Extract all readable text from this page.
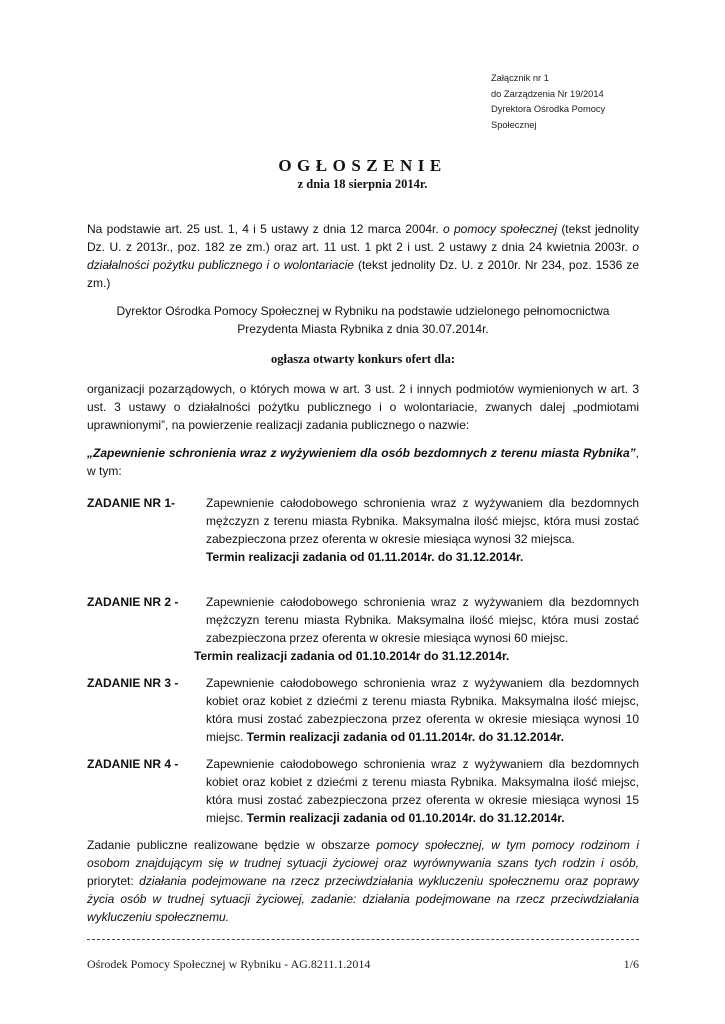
Załącznik nr 1
do Zarządzenia Nr 19/2014
Dyrektora Ośrodka Pomocy
Społecznej
OGŁOSZENIE
z dnia 18 sierpnia 2014r.
Na podstawie art. 25 ust. 1, 4 i 5 ustawy z dnia 12 marca 2004r. o pomocy społecznej (tekst jednolity Dz. U. z 2013r., poz. 182 ze zm.) oraz art. 11 ust. 1 pkt 2 i ust. 2 ustawy z dnia 24 kwietnia 2003r. o działalności pożytku publicznego i o wolontariacie (tekst jednolity Dz. U. z 2010r. Nr 234, poz. 1536 ze zm.)
Dyrektor Ośrodka Pomocy Społecznej w Rybniku na podstawie udzielonego pełnomocnictwa
Prezydenta Miasta Rybnika z dnia 30.07.2014r.
ogłasza otwarty konkurs ofert dla:
organizacji pozarządowych, o których mowa w art. 3 ust. 2 i innych podmiotów wymienionych w art. 3 ust. 3 ustawy o działalności pożytku publicznego i o wolontariacie, zwanych dalej „podmiotami uprawnionymi”, na powierzenie realizacji zadania publicznego o nazwie:
„Zapewnienie schronienia wraz z wyżywieniem dla osób bezdomnych z terenu miasta Rybnika”, w tym:
ZADANIE NR 1-	Zapewnienie całodobowego schronienia wraz z wyżywaniem dla bezdomnych mężczyzn z terenu miasta Rybnika. Maksymalna ilość miejsc, która musi zostać zabezpieczona przez oferenta w okresie miesiąca wynosi 32 miejsca.
Termin realizacji zadania od 01.11.2014r. do 31.12.2014r.
ZADANIE NR 2 -	Zapewnienie całodobowego schronienia wraz z wyżywaniem dla bezdomnych mężczyzn terenu miasta Rybnika. Maksymalna ilość miejsc, która musi zostać zabezpieczona przez oferenta w okresie miesiąca wynosi 60 miejsc.
Termin realizacji zadania od 01.10.2014r do 31.12.2014r.
ZADANIE NR 3 -	Zapewnienie całodobowego schronienia wraz z wyżywaniem dla bezdomnych kobiet oraz kobiet z dziećmi z terenu miasta Rybnika. Maksymalna ilość miejsc, która musi zostać zabezpieczona przez oferenta w okresie miesiąca wynosi 10 miejsc. Termin realizacji zadania od 01.11.2014r. do 31.12.2014r.
ZADANIE NR 4 -	Zapewnienie całodobowego schronienia wraz z wyżywaniem dla bezdomnych kobiet oraz kobiet z dziećmi z terenu miasta Rybnika. Maksymalna ilość miejsc, która musi zostać zabezpieczona przez oferenta w okresie miesiąca wynosi 15 miejsc. Termin realizacji zadania od 01.10.2014r. do 31.12.2014r.
Zadanie publiczne realizowane będzie w obszarze pomocy społecznej, w tym pomocy rodzinom i osobom znajdującym się w trudnej sytuacji życiowej oraz wyrównywania szans tych rodzin i osób, priorytet: działania podejmowane na rzecz przeciwdziałania wykluczeniu społecznemu oraz poprawy życia osób w trudnej sytuacji życiowej, zadanie: działania podejmowane na rzecz przeciwdziałania wykluczeniu społecznemu.
Ośrodek Pomocy Społecznej w Rybniku - AG.8211.1.2014	1/6
